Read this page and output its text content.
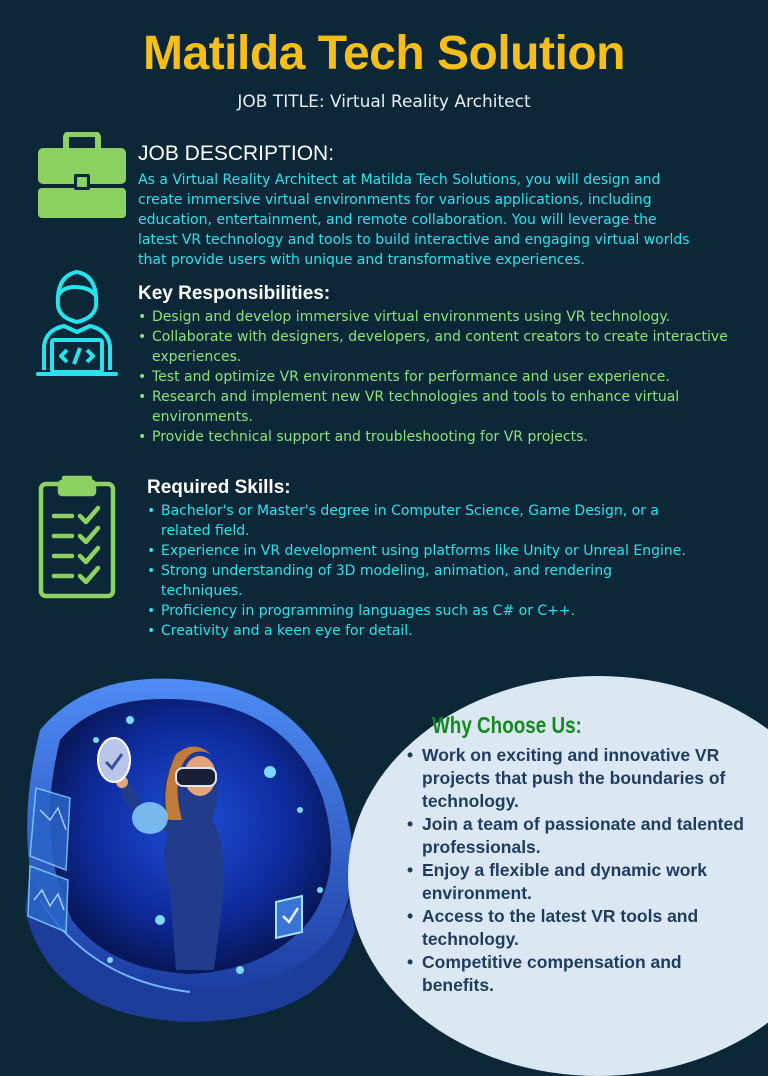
Matilda Tech Solution
JOB TITLE: Virtual Reality Architect
JOB DESCRIPTION:

As a Virtual Reality Architect at Matilda Tech Solutions, you will design and create immersive virtual environments for various applications, including education, entertainment, and remote collaboration. You will leverage the latest VR technology and tools to build interactive and engaging virtual worlds that provide users with unique and transformative experiences.

Key Responsibilities:
• Design and develop immersive virtual environments using VR technology.
• Collaborate with designers, developers, and content creators to create interactive experiences.
• Test and optimize VR environments for performance and user experience.
• Research and implement new VR technologies and tools to enhance virtual environments.
• Provide technical support and troubleshooting for VR projects.
Required Skills:
• Bachelor's or Master's degree in Computer Science, Game Design, or a related field.
• Experience in VR development using platforms like Unity or Unreal Engine.
• Strong understanding of 3D modeling, animation, and rendering techniques.
• Proficiency in programming languages such as C# or C++.
• Creativity and a keen eye for detail.
Why Choose Us:
• Work on exciting and innovative VR projects that push the boundaries of technology.
• Join a team of passionate and talented professionals.
• Enjoy a flexible and dynamic work environment.
• Access to the latest VR tools and technology.
• Competitive compensation and benefits.
